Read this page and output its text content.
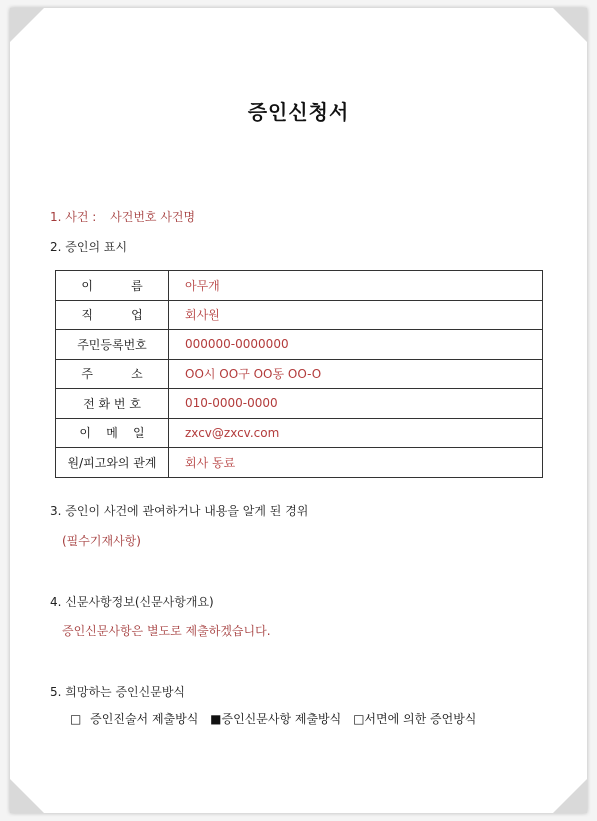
증인신청서
1. 사건 : 사건번호 사건명
2. 증인의 표시
이          름	아무개
직          업	회사원
주민등록번호	000000-0000000
주          소	OO시 OO구 OO동 OO-O
전 화 번 호	010-0000-0000
이    메    일	zxcv@zxcv.com
원/피고와의 관계	회사 동료
3. 증인이 사건에 관여하거나 내용을 알게 된 경위
(필수기재사항)
4. 신문사항정보(신문사항개요)
증인신문사항은 별도로 제출하겠습니다.
5. 희망하는 증인신문방식
□ 증인진술서 제출방식 ■증인신문사항 제출방식 □서면에 의한 증언방식
